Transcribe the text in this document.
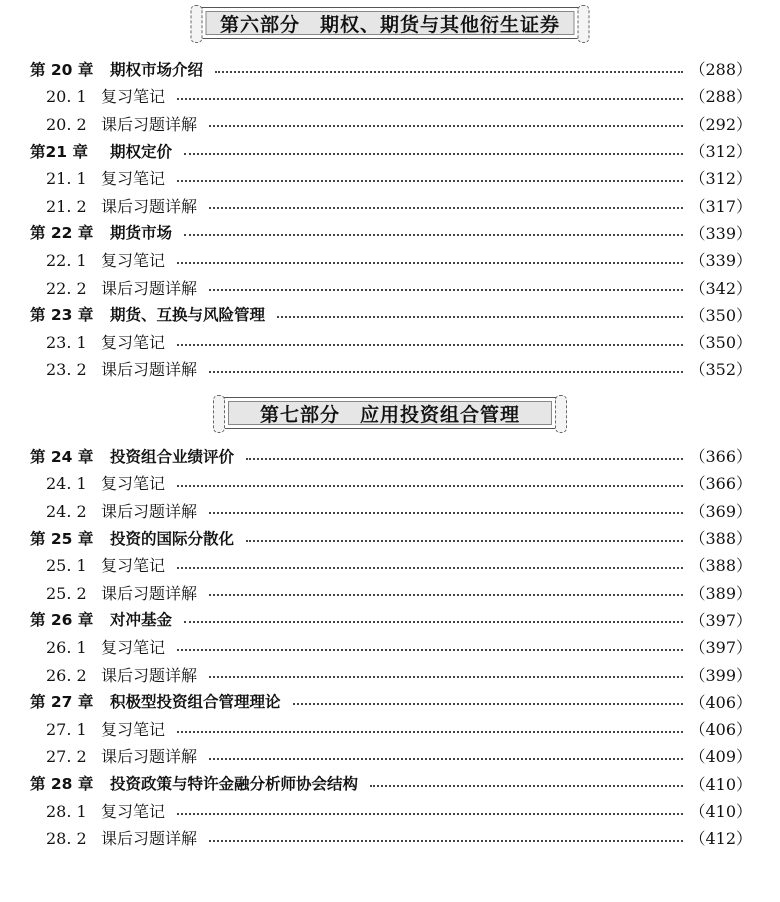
第六部分　期权、期货与其他衍生证券
第 20 章 期权市场介绍	（288）
20. 1 复习笔记	（288）
20. 2 课后习题详解	（292）
第21 章 期权定价	（312）
21. 1 复习笔记	（312）
21. 2 课后习题详解	（317）
第 22 章 期货市场	（339）
22. 1 复习笔记	（339）
22. 2 课后习题详解	（342）
第 23 章 期货、互换与风险管理	（350）
23. 1 复习笔记	（350）
23. 2 课后习题详解	（352）
第七部分　应用投资组合管理
第 24 章 投资组合业绩评价	（366）
24. 1 复习笔记	（366）
24. 2 课后习题详解	（369）
第 25 章 投资的国际分散化	（388）
25. 1 复习笔记	（388）
25. 2 课后习题详解	（389）
第 26 章 对冲基金	（397）
26. 1 复习笔记	（397）
26. 2 课后习题详解	（399）
第 27 章 积极型投资组合管理理论	（406）
27. 1 复习笔记	（406）
27. 2 课后习题详解	（409）
第 28 章 投资政策与特许金融分析师协会结构	（410）
28. 1 复习笔记	（410）
28. 2 课后习题详解	（412）
